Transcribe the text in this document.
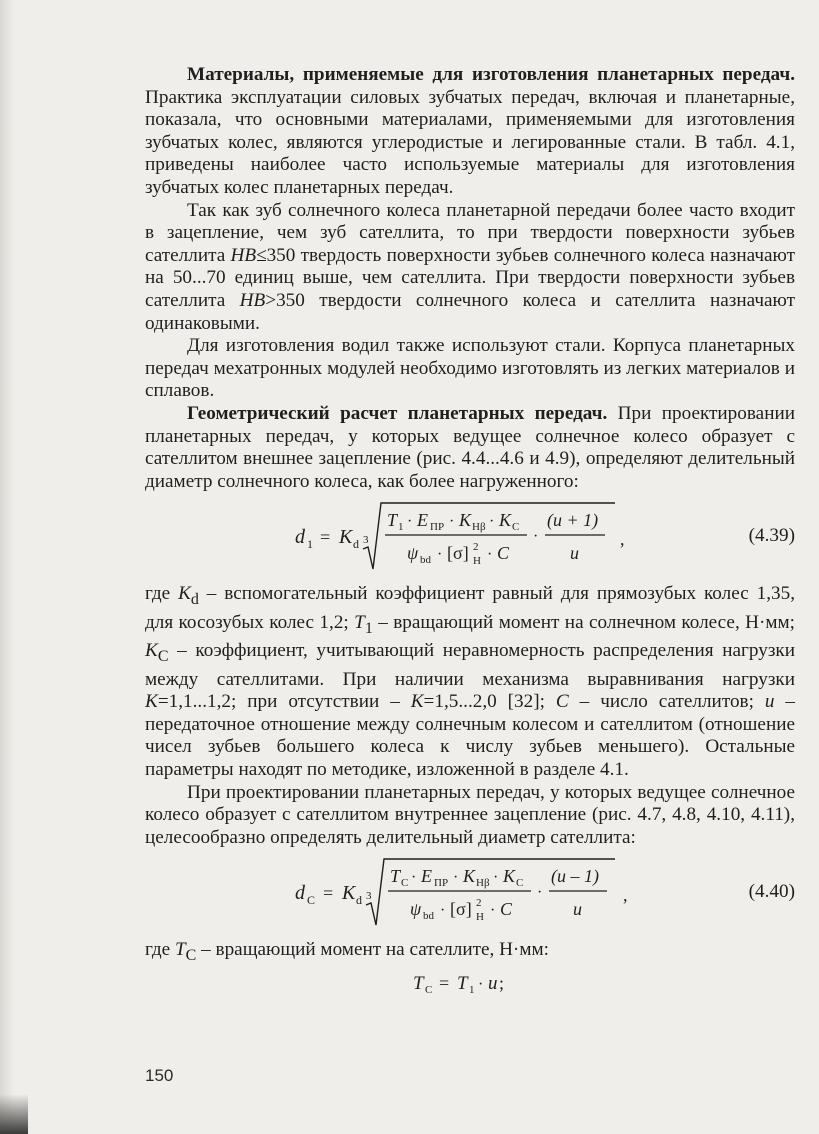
Материалы, применяемые для изготовления планетарных передач. Практика эксплуатации силовых зубчатых передач, включая и планетарные, показала, что основными материалами, применяемыми для изготовления зубчатых колес, являются углеродистые и легированные стали. В табл. 4.1, приведены наиболее часто используемые материалы для изготовления зубчатых колес планетарных передач.

Так как зуб солнечного колеса планетарной передачи более часто входит в зацепление, чем зуб сателлита, то при твердости поверхности зубьев сателлита HB≤350 твердость поверхности зубьев солнечного колеса назначают на 50...70 единиц выше, чем сателлита. При твердости поверхности зубьев сателлита HB>350 твердости солнечного колеса и сателлита назначают одинаковыми.

Для изготовления водил также используют стали. Корпуса планетарных передач мехатронных модулей необходимо изготовлять из легких материалов и сплавов.

Геометрический расчет планетарных передач. При проектировании планетарных передач, у которых ведущее солнечное колесо образует с сателлитом внешнее зацепление (рис. 4.4...4.6 и 4.9), определяют делительный диаметр солнечного колеса, как более нагруженного:

d 1 = K d 3
T 1 · E ПР · K Hβ · K C
ψ bd · [σ] 2
H · C
·
(u + 1)
u
,	(4.39)

где $K_d$ – вспомогательный коэффициент равный для прямозубых колес 1,35, для косозубых колес 1,2; $T_1$ – вращающий момент на солнечном колесе, Н·мм; $K_C$ – коэффициент, учитывающий неравномерность распределения нагрузки между сателлитами. При наличии механизма выравнивания нагрузки K=1,1...1,2; при отсутствии – K=1,5...2,0 [32]; C – число сателлитов; u – передаточное отношение между солнечным колесом и сателлитом (отношение чисел зубьев большего колеса к числу зубьев меньшего). Остальные параметры находят по методике, изложенной в разделе 4.1.

При проектировании планетарных передач, у которых ведущее солнечное колесо образует с сателлитом внутреннее зацепление (рис. 4.7, 4.8, 4.10, 4.11), целесообразно определять делительный диаметр сателлита:

d C = K d 3
T C · E ПР · K Hβ · K C
ψ bd · [σ] 2
H · C
·
(u – 1)
u
,	(4.40)

где $T_C$ – вращающий момент на сателлите, Н·мм:

T C = T 1 · u ;
150
